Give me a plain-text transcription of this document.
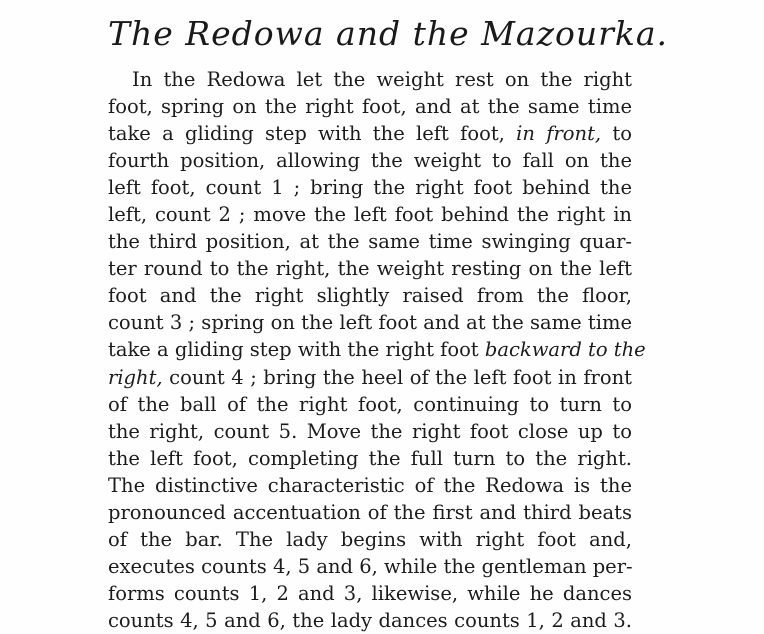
The Redowa and the Mazourka.
In the Redowa let the weight rest on the right
foot, spring on the right foot, and at the same time
take a gliding step with the left foot, in front, to
fourth position, allowing the weight to fall on the
left foot, count 1 ; bring the right foot behind the
left, count 2 ; move the left foot behind the right in
the third position, at the same time swinging quar-
ter round to the right, the weight resting on the left
foot and the right slightly raised from the floor,
count 3 ; spring on the left foot and at the same time
take a gliding step with the right foot backward to the
right, count 4 ; bring the heel of the left foot in front
of the ball of the right foot, continuing to turn to
the right, count 5. Move the right foot close up to
the left foot, completing the full turn to the right.
The distinctive characteristic of the Redowa is the
pronounced accentuation of the first and third beats
of the bar. The lady begins with right foot and,
executes counts 4, 5 and 6, while the gentleman per-
forms counts 1, 2 and 3, likewise, while he dances
counts 4, 5 and 6, the lady dances counts 1, 2 and 3.
